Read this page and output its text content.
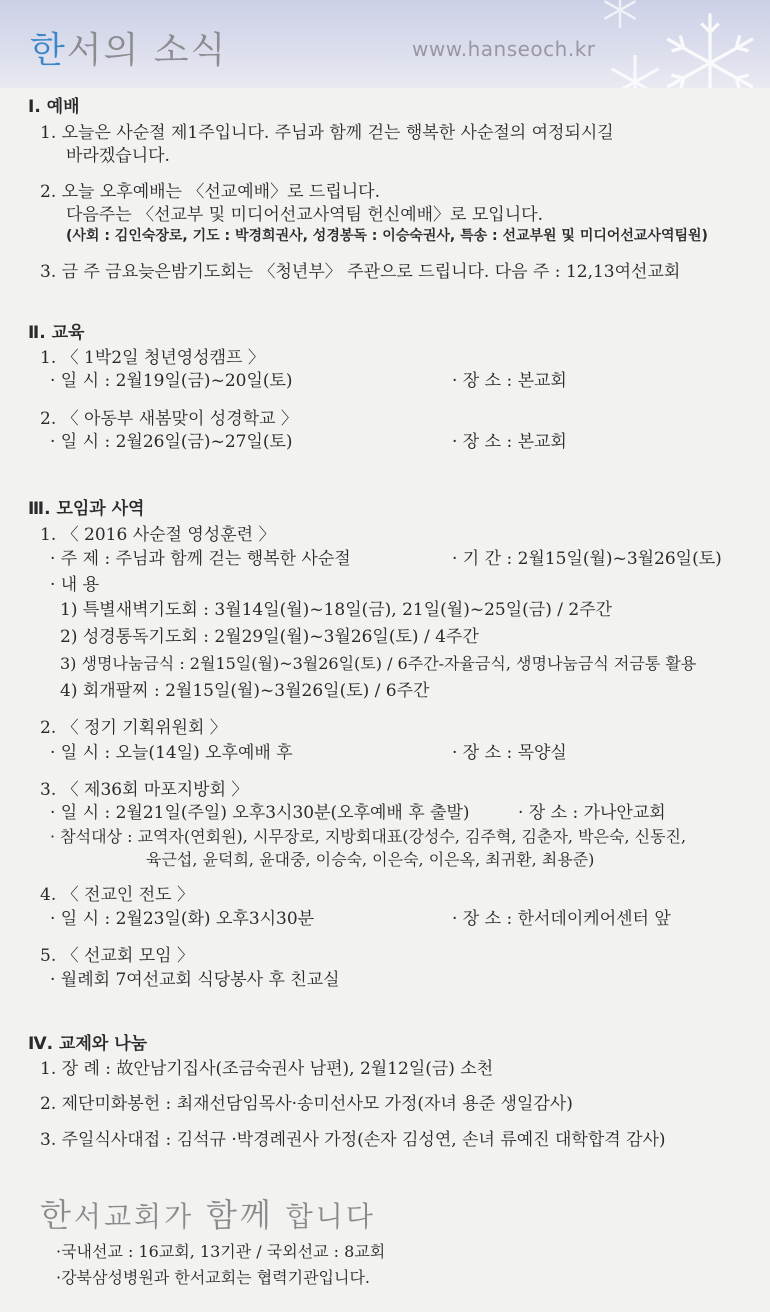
한서의 소식	www.hanseoch.kr
Ⅰ. 예배
1. 오늘은 사순절 제1주입니다. 주님과 함께 걷는 행복한 사순절의 여정되시길
바라겠습니다.
2. 오늘 오후예배는 〈선교예배〉로 드립니다.
다음주는 〈선교부 및 미디어선교사역팀 헌신예배〉로 모입니다.
(사회 : 김인숙장로, 기도 : 박경희권사, 성경봉독 : 이승숙권사, 특송 : 선교부원 및 미디어선교사역팀원)
3. 금 주 금요늦은밤기도회는 〈청년부〉 주관으로 드립니다. 다음 주 : 12,13여선교회
Ⅱ. 교육
1. 〈 1박2일 청년영성캠프 〉
· 일 시 : 2월19일(금)~20일(토)	· 장 소 : 본교회
2. 〈 아동부 새봄맞이 성경학교 〉
· 일 시 : 2월26일(금)~27일(토)	· 장 소 : 본교회
Ⅲ. 모임과 사역
1. 〈 2016 사순절 영성훈련 〉
· 주 제 : 주님과 함께 걷는 행복한 사순절	· 기 간 : 2월15일(월)~3월26일(토)
· 내 용
1) 특별새벽기도회 : 3월14일(월)~18일(금), 21일(월)~25일(금) / 2주간
2) 성경통독기도회 : 2월29일(월)~3월26일(토) / 4주간
3) 생명나눔금식 : 2월15일(월)~3월26일(토) / 6주간-자율금식, 생명나눔금식 저금통 활용
4) 회개팔찌 : 2월15일(월)~3월26일(토) / 6주간
2. 〈 정기 기획위원회 〉
· 일 시 : 오늘(14일) 오후예배 후	· 장 소 : 목양실
3. 〈 제36회 마포지방회 〉
· 일 시 : 2월21일(주일) 오후3시30분(오후예배 후 출발)	· 장 소 : 가나안교회
· 참석대상 : 교역자(연회원), 시무장로, 지방회대표(강성수, 김주혁, 김춘자, 박은숙, 신동진,
육근섭, 윤덕희, 윤대중, 이승숙, 이은숙, 이은옥, 최귀환, 최용준)
4. 〈 전교인 전도 〉
· 일 시 : 2월23일(화) 오후3시30분	· 장 소 : 한서데이케어센터 앞
5. 〈 선교회 모임 〉
· 월례회 7여선교회 식당봉사 후 친교실
Ⅳ. 교제와 나눔
1. 장 례 : 故안남기집사(조금숙권사 남편), 2월12일(금) 소천
2. 제단미화봉헌 : 최재선담임목사·송미선사모 가정(자녀 용준 생일감사)
3. 주일식사대접 : 김석규 ·박경례권사 가정(손자 김성연, 손녀 류예진 대학합격 감사)
한서교회가 함께 합니다
·국내선교 : 16교회, 13기관 / 국외선교 : 8교회
·강북삼성병원과 한서교회는 협력기관입니다.
